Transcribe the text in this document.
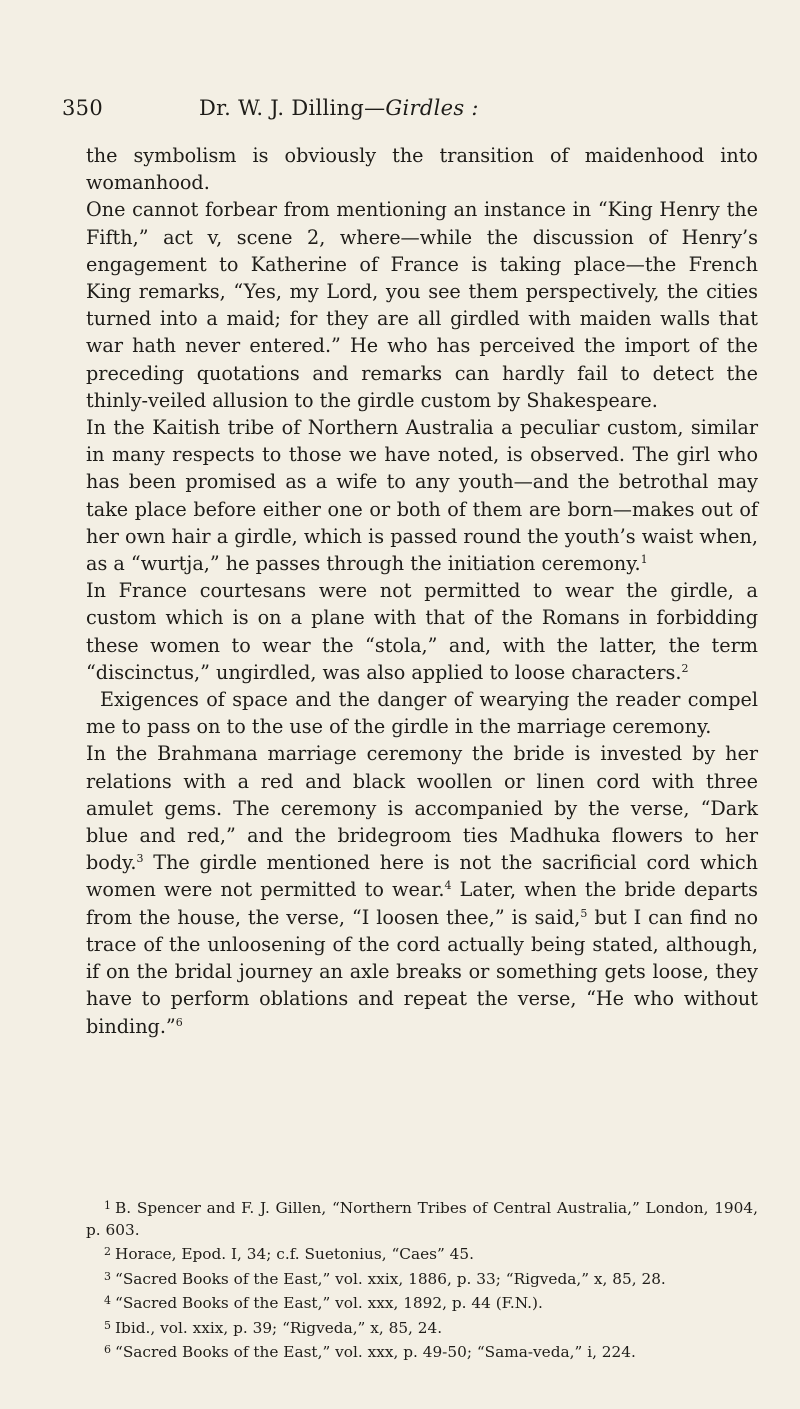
350	Dr. W. J. Dilling—Girdles :

the symbolism is obviously the transition of maidenhood into womanhood.

One cannot forbear from mentioning an instance in “King Henry the Fifth,” act v, scene 2, where—while the discussion of Henry’s engagement to Katherine of France is taking place—the French King remarks, “Yes, my Lord, you see them perspectively, the cities turned into a maid; for they are all girdled with maiden walls that war hath never entered.” He who has perceived the import of the preceding quotations and remarks can hardly fail to detect the thinly-veiled allusion to the girdle custom by Shakespeare.

In the Kaitish tribe of Northern Australia a peculiar custom, similar in many respects to those we have noted, is observed. The girl who has been promised as a wife to any youth—and the betrothal may take place before either one or both of them are born—makes out of her own hair a girdle, which is passed round the youth’s waist when, as a “wurtja,” he passes through the initiation ceremony.$^1$

In France courtesans were not permitted to wear the girdle, a custom which is on a plane with that of the Romans in forbidding these women to wear the “stola,” and, with the latter, the term “discinctus,” ungirdled, was also applied to loose characters.$^2$

Exigences of space and the danger of wearying the reader compel me to pass on to the use of the girdle in the marriage ceremony.

In the Brahmana marriage ceremony the bride is invested by her relations with a red and black woollen or linen cord with three amulet gems. The ceremony is accompanied by the verse, “Dark blue and red,” and the bridegroom ties Madhuka flowers to her body.$^3$ The girdle mentioned here is not the sacrificial cord which women were not permitted to wear.$^4$ Later, when the bride departs from the house, the verse, “I loosen thee,” is said,$^5$ but I can find no trace of the unloosening of the cord actually being stated, although, if on the bridal journey an axle breaks or something gets loose, they have to perform oblations and repeat the verse, “He who without binding.”$^6$

$^1$ B. Spencer and F. J. Gillen, “Northern Tribes of Central Australia,” London, 1904, p. 603.

$^2$ Horace, Epod. I, 34; c.f. Suetonius, “Caes” 45.

$^3$ “Sacred Books of the East,” vol. xxix, 1886, p. 33; “Rigveda,” x, 85, 28.

$^4$ “Sacred Books of the East,” vol. xxx, 1892, p. 44 (F.N.).

$^5$ Ibid., vol. xxix, p. 39; “Rigveda,” x, 85, 24.

$^6$ “Sacred Books of the East,” vol. xxx, p. 49-50; “Sama-veda,” i, 224.
